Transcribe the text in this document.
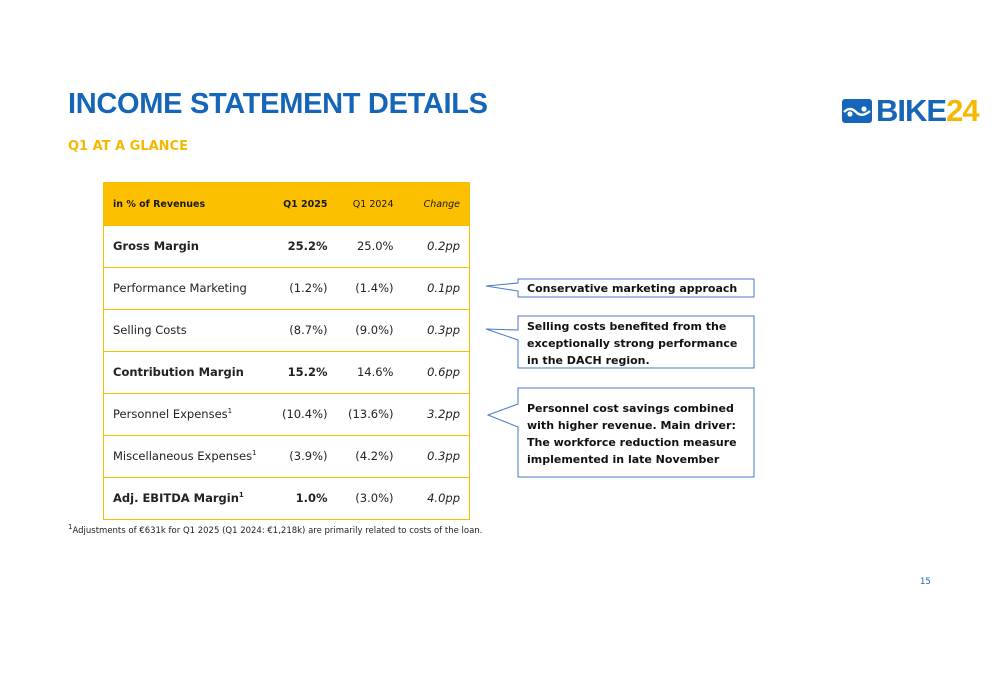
INCOME STATEMENT DETAILS
Q1 AT A GLANCE
BIKE24
in % of Revenues	Q1 2025	Q1 2024	Change
Gross Margin	25.2%	25.0%	0.2pp
Performance Marketing	(1.2%)	(1.4%)	0.1pp
Selling Costs	(8.7%)	(9.0%)	0.3pp
Contribution Margin	15.2%	14.6%	0.6pp
Personnel Expenses$^1$	(10.4%)	(13.6%)	3.2pp
Miscellaneous Expenses$^1$	(3.9%)	(4.2%)	0.3pp
Adj. EBITDA Margin$^1$	1.0%	(3.0%)	4.0pp
Conservative marketing approach
Selling costs benefited from the exceptionally strong performance in the DACH region.
Personnel cost savings combined with higher revenue. Main driver: The workforce reduction measure implemented in late November
$^1$Adjustments of €631k for Q1 2025 (Q1 2024: €1,218k) are primarily related to costs of the loan.
15
